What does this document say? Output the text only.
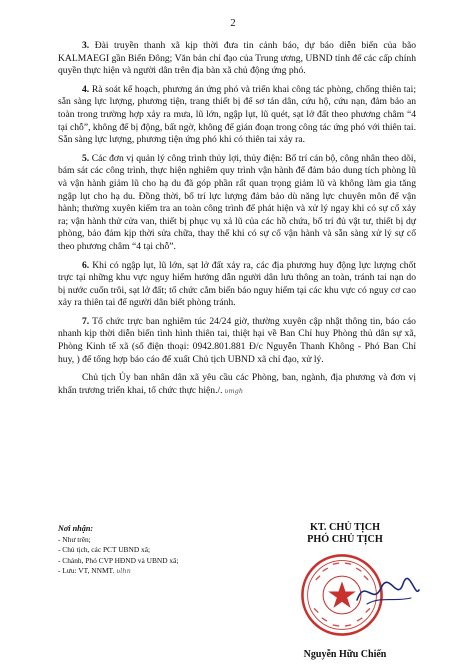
2

3. Đài truyền thanh xã kịp thời đưa tin cảnh báo, dự báo diễn biến của bão KALMAEGI gần Biển Đông; Văn bản chỉ đạo của Trung ương, UBND tỉnh để các cấp chính quyền thực hiện và người dân trên địa bàn xã chủ động ứng phó.

4. Rà soát kế hoạch, phương án ứng phó và triển khai công tác phòng, chống thiên tai; sẵn sàng lực lượng, phương tiện, trang thiết bị để sơ tán dân, cứu hộ, cứu nạn, đảm bảo an toàn trong trường hợp xảy ra mưa, lũ lớn, ngập lụt, lũ quét, sạt lở đất theo phương châm “4 tại chỗ”, không để bị động, bất ngờ, không để gián đoạn trong công tác ứng phó với thiên tai. Sẵn sàng lực lượng, phương tiện ứng phó khi có thiên tai xảy ra.

5. Các đơn vị quản lý công trình thủy lợi, thủy điện: Bố trí cán bộ, công nhân theo dõi, bám sát các công trình, thực hiện nghiêm quy trình vận hành để đảm bảo dung tích phòng lũ và vận hành giảm lũ cho hạ du đã góp phần rất quan trọng giảm lũ và không làm gia tăng ngập lụt cho hạ du. Đồng thời, bố trí lực lượng đảm bảo dù năng lực chuyên môn để vận hành; thường xuyên kiểm tra an toàn công trình để phát hiện và xử lý ngay khi có sự cố xảy ra; vận hành thử cửa van, thiết bị phục vụ xả lũ của các hồ chứa, bố trí đủ vật tư, thiết bị dự phòng, bảo đảm kịp thời sửa chữa, thay thế khi có sự cố vận hành và sẵn sàng xử lý sự cố theo phương châm “4 tại chỗ”.

6. Khi có ngập lụt, lũ lớn, sạt lở đất xảy ra, các địa phương huy động lực lượng chốt trực tại những khu vực nguy hiểm hướng dẫn người dân lưu thông an toàn, tránh tai nạn do bị nước cuốn trôi, sạt lở đất; tổ chức cắm biển báo nguy hiểm tại các khu vực có nguy cơ cao xảy ra thiên tai để người dân biết phòng tránh.

7. Tổ chức trực ban nghiêm túc 24/24 giờ, thường xuyên cập nhật thông tin, báo cáo nhanh kịp thời diễn biến tình hình thiên tai, thiệt hại về Ban Chỉ huy Phòng thủ dân sự xã, Phòng Kinh tế xã (số điện thoại: 0942.801.881 Đ/c Nguyễn Thanh Không - Phó Ban Chỉ huy, ) để tổng hợp báo cáo để xuất Chủ tịch UBND xã chỉ đạo, xử lý.

Chủ tịch Ủy ban nhân dân xã yêu cầu các Phòng, ban, ngành, địa phương và đơn vị khẩn trương triển khai, tổ chức thực hiện./. ʋmgh

Nơi nhận:
- Như trên;
- Chủ tịch, các PCT UBND xã;
- Chánh, Phó CVP HĐND và UBND xã;
- Lưu: VT, NNMT. ʋlhn
KT. CHỦ TỊCH
PHÓ CHỦ TỊCH
Nguyễn Hữu Chiến
